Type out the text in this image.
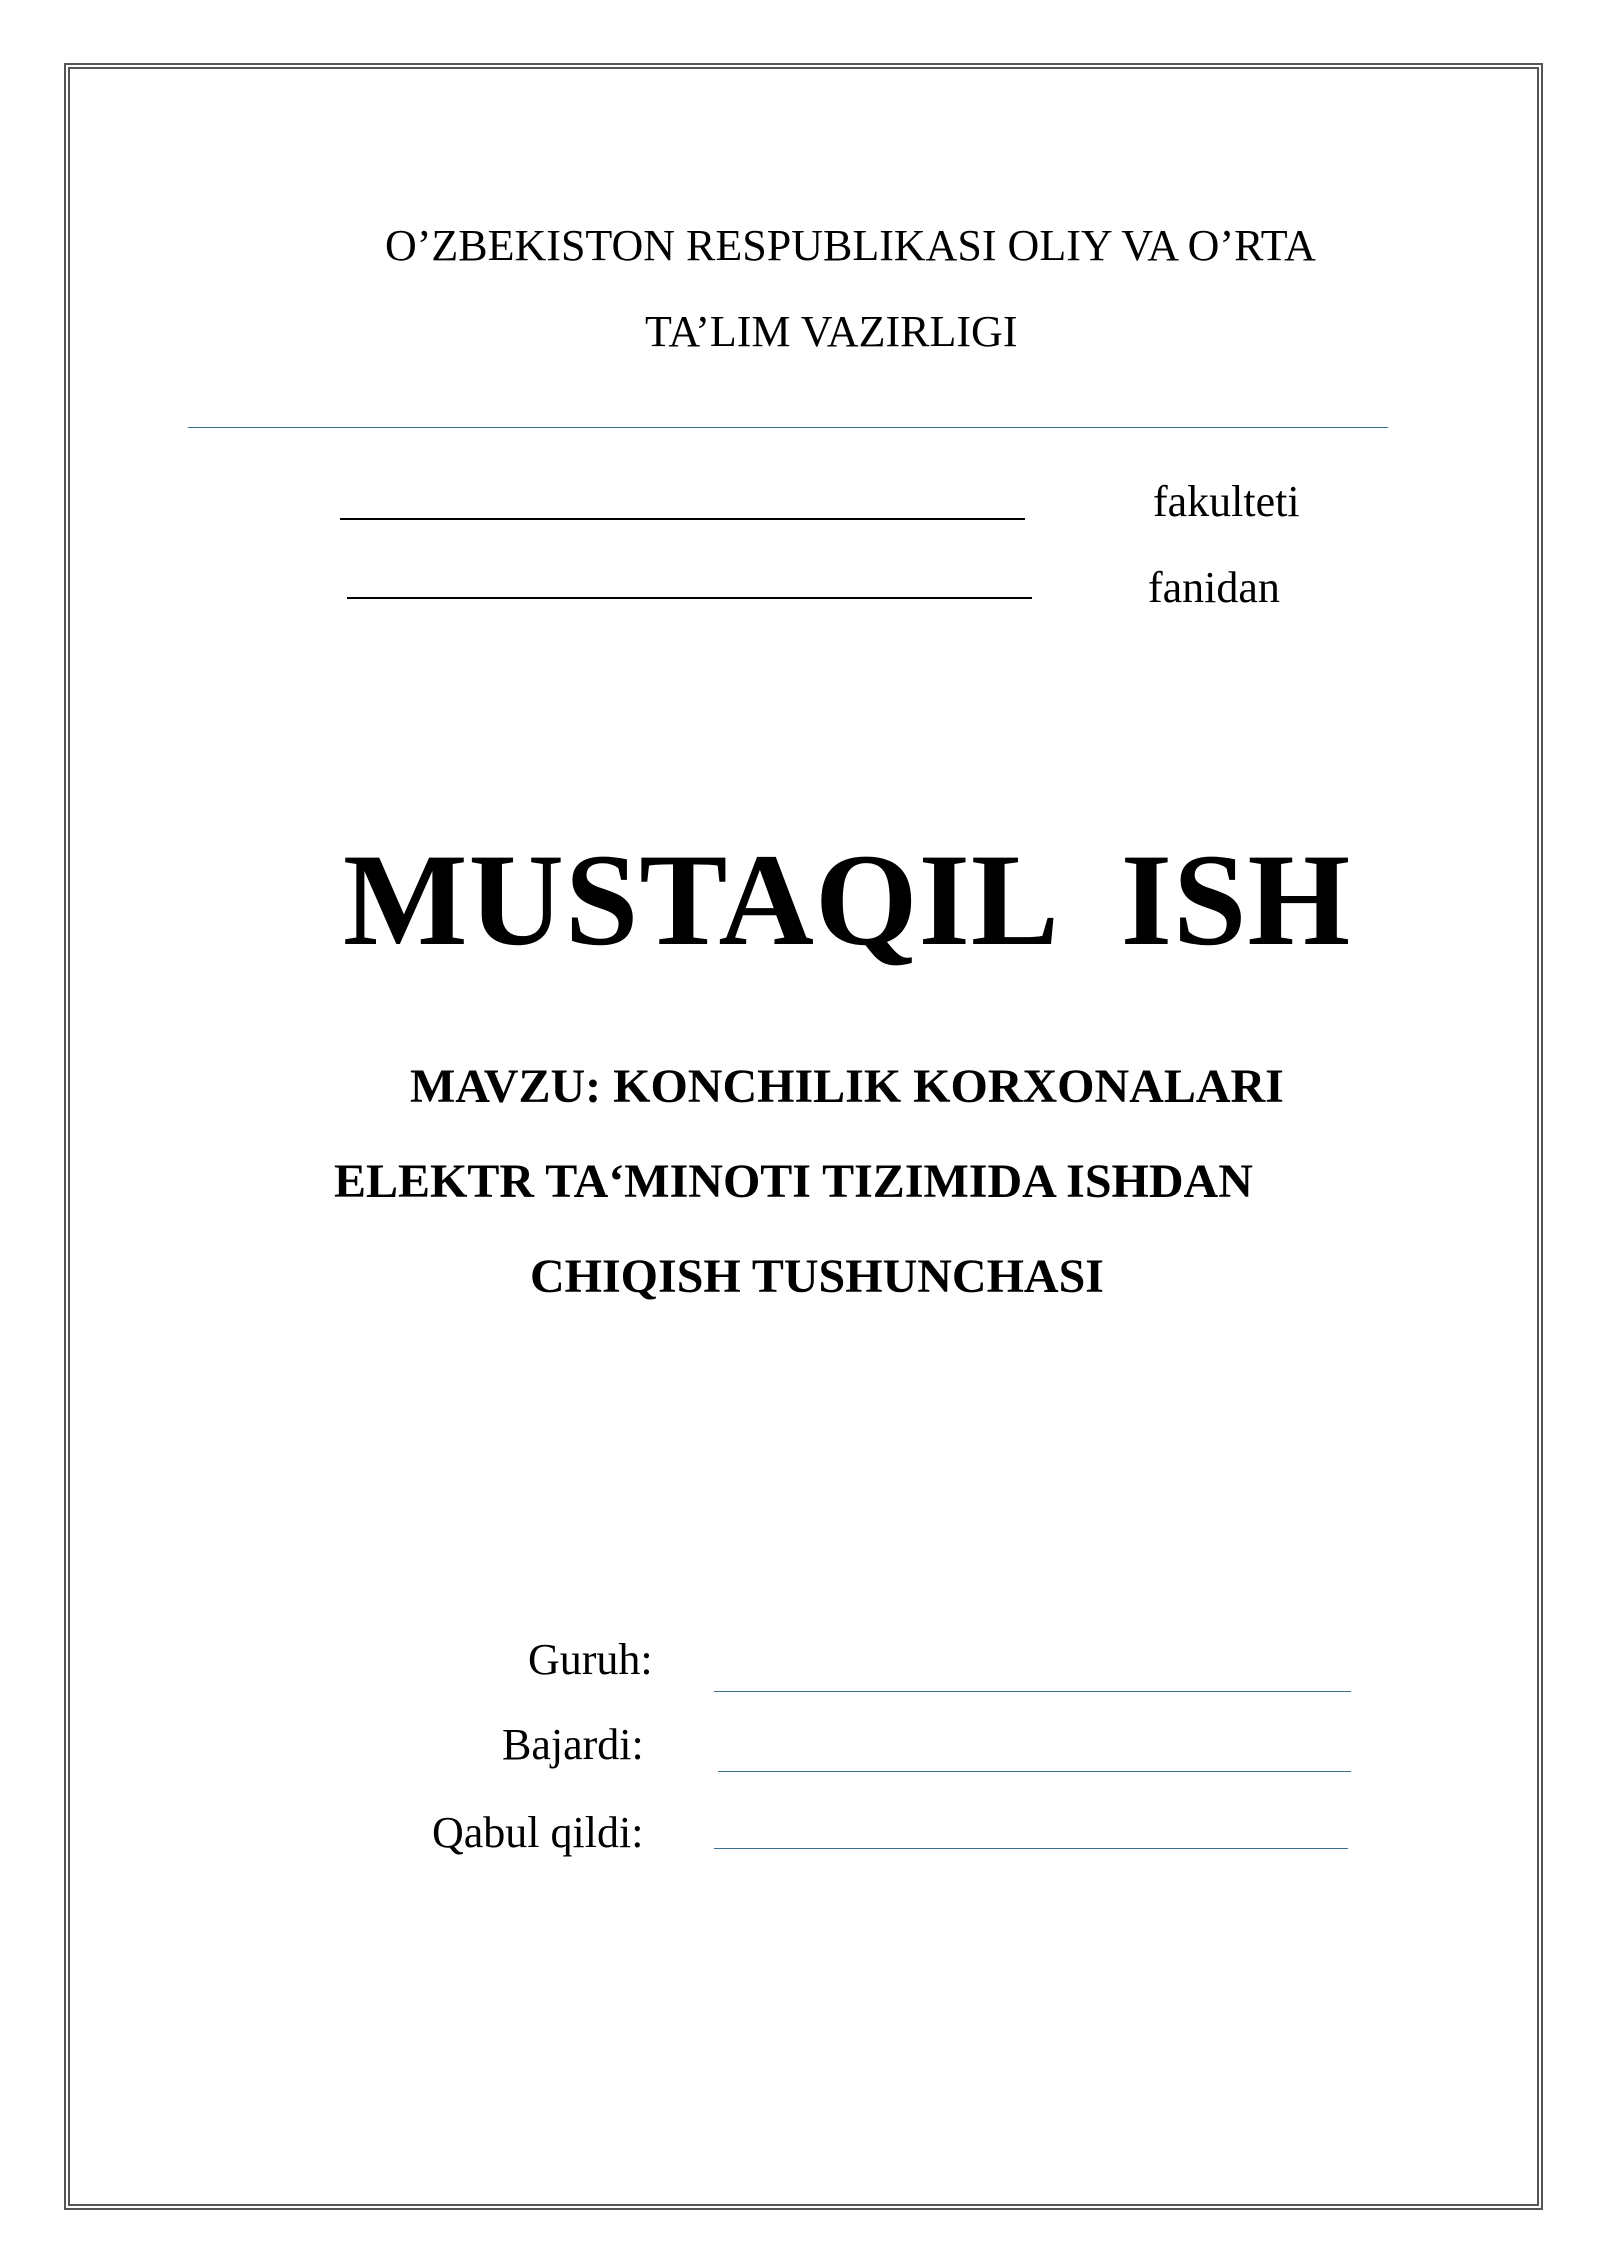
O’ZBEKISTON RESPUBLIKASI OLIY VA O’RTA
TA’LIM VAZIRLIGI
fakulteti
fanidan
MUSTAQIL  ISH
MAVZU: KONCHILIK KORXONALARI
ELEKTR TA‘MINOTI TIZIMIDA ISHDAN
CHIQISH TUSHUNCHASI
Guruh:
Bajardi:
Qabul qildi:
